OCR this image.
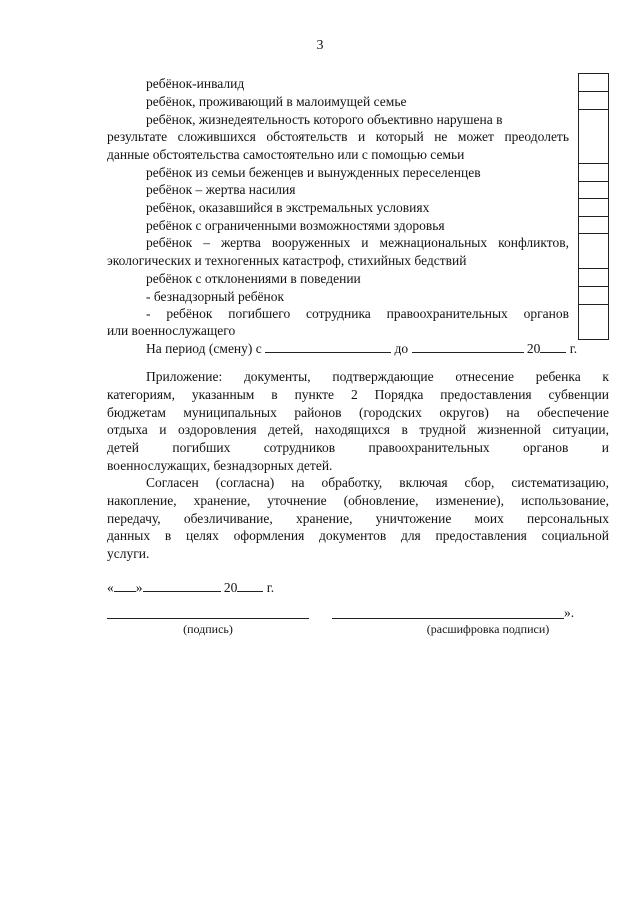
3
ребёнок-инвалид
ребёнок, проживающий в малоимущей семье
ребёнок, жизнедеятельность которого объективно нарушена в
результате сложившихся обстоятельств и который не может преодолеть
данные обстоятельства самостоятельно или с помощью семьи
ребёнок из семьи беженцев и вынужденных переселенцев
ребёнок – жертва насилия
ребёнок, оказавшийся в экстремальных условиях
ребёнок с ограниченными возможностями здоровья
ребёнок – жертва вооруженных и межнациональных конфликтов,
экологических и техногенных катастроф, стихийных бедствий
ребёнок с отклонениями в поведении
- безнадзорный ребёнок
- ребёнок погибшего сотрудника правоохранительных органов
или военнослужащего
На период (смену) с	до	20 г.
Приложение: документы, подтверждающие отнесение ребенка к
категориям, указанным в пункте 2 Порядка предоставления субвенции
бюджетам муниципальных районов (городских округов) на обеспечение
отдыха и оздоровления детей, находящихся в трудной жизненной ситуации,
детей погибших сотрудников правоохранительных органов и
военнослужащих, безнадзорных детей.
Согласен (согласна) на обработку, включая сбор, систематизацию,
накопление, хранение, уточнение (обновление, изменение), использование,
передачу, обезличивание, хранение, уничтожение моих персональных
данных в целях оформления документов для предоставления социальной
услуги.
« »	20 г.
».
(подпись)	(расшифровка подписи)
